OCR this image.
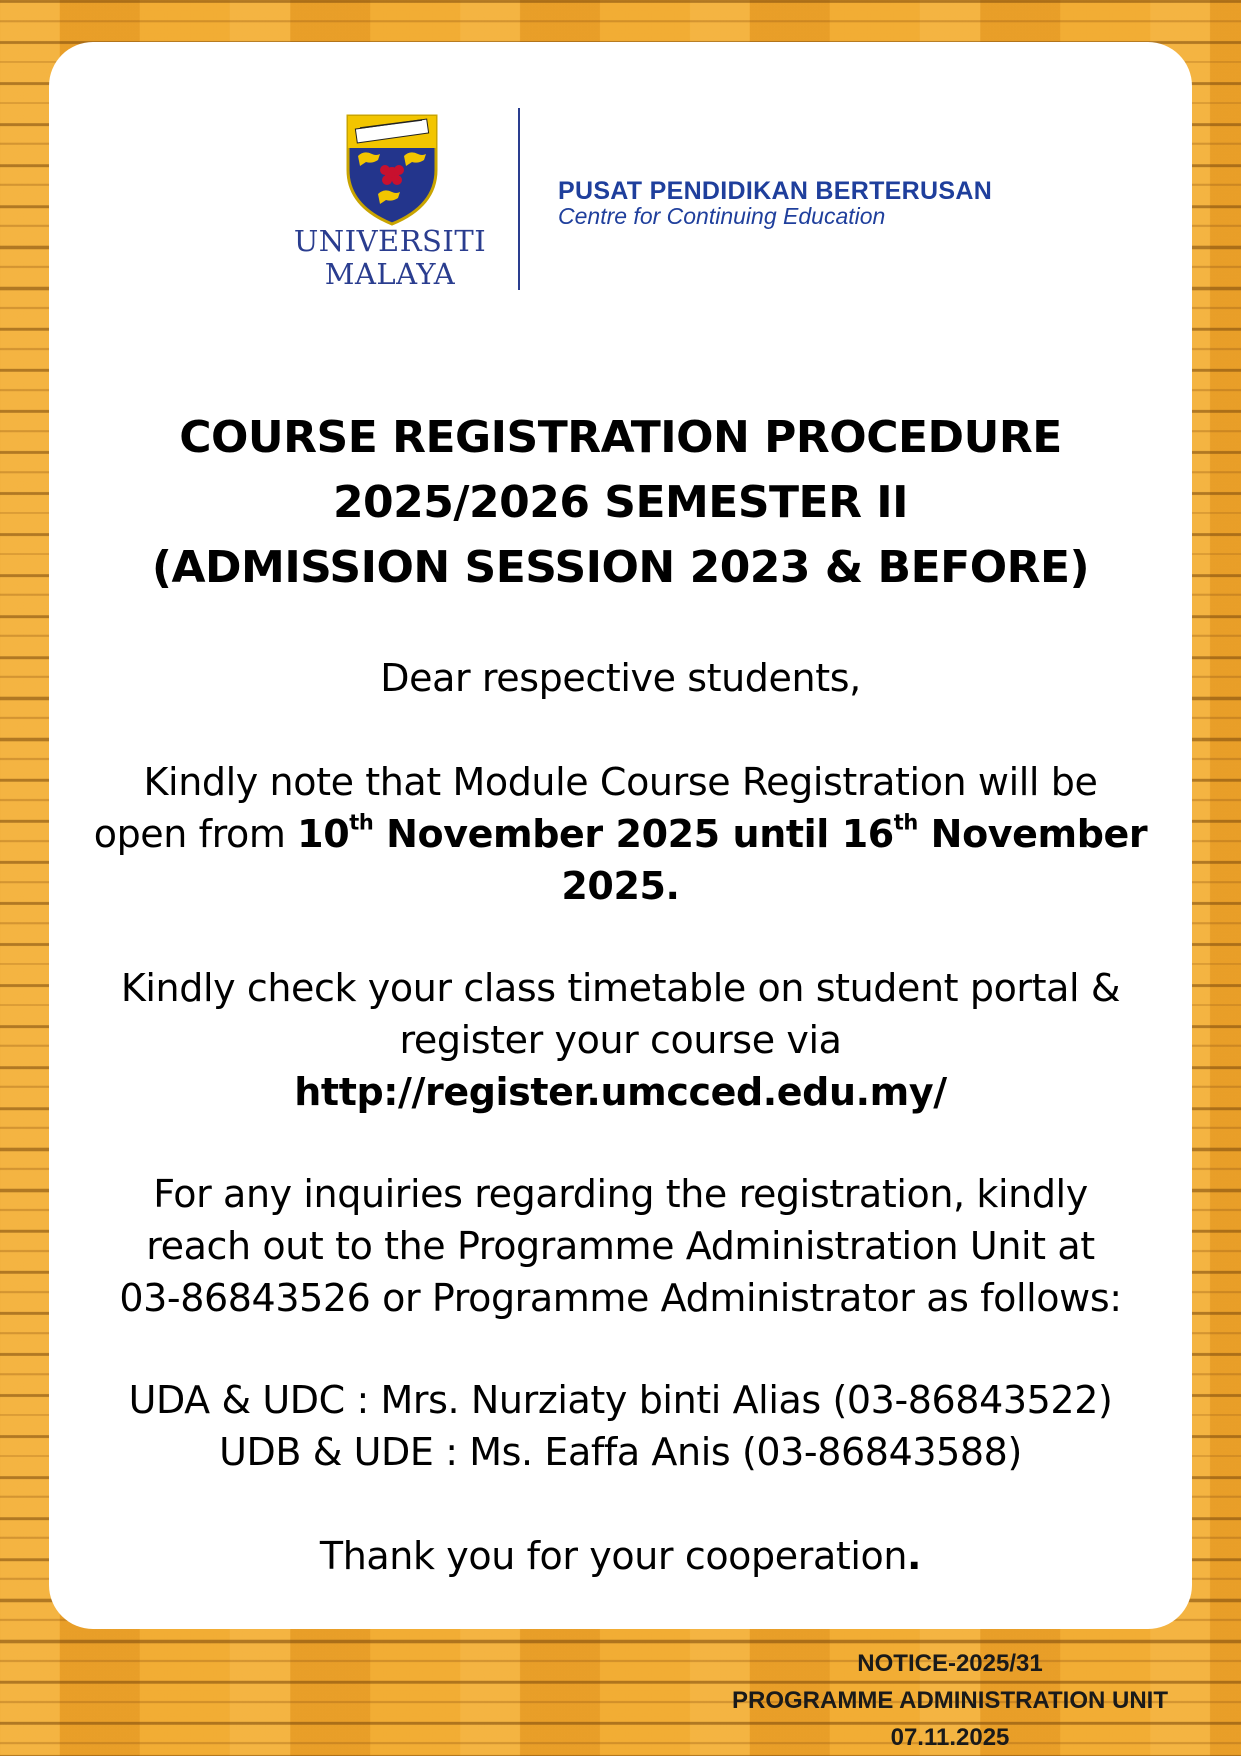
UNIVERSITI
MALAYA
PUSAT PENDIDIKAN BERTERUSAN
Centre for Continuing Education
COURSE REGISTRATION PROCEDURE
2025/2026 SEMESTER II
(ADMISSION SESSION 2023 & BEFORE)
Dear respective students,
Kindly note that Module Course Registration will be
open from 10th November 2025 until 16th November
2025.
Kindly check your class timetable on student portal &
register your course via
http://register.umcced.edu.my/
For any inquiries regarding the registration, kindly
reach out to the Programme Administration Unit at
03-86843526 or Programme Administrator as follows:
UDA & UDC : Mrs. Nurziaty binti Alias (03-86843522)
UDB & UDE : Ms. Eaffa Anis (03-86843588)
Thank you for your cooperation.
NOTICE-2025/31
PROGRAMME ADMINISTRATION UNIT
07.11.2025
